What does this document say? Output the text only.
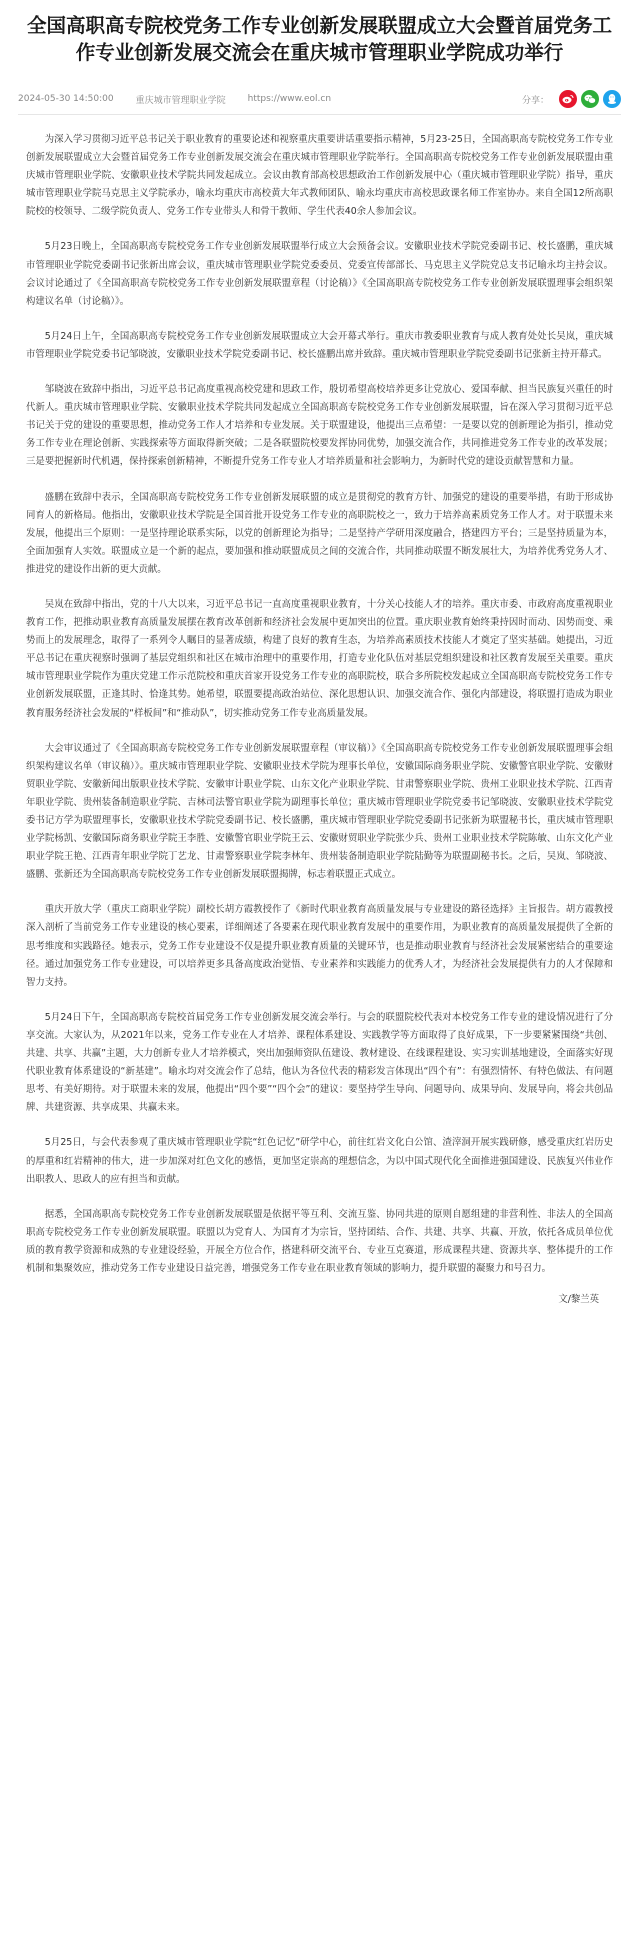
全国高职高专院校党务工作专业创新发展联盟成立大会暨首届党务工作专业创新发展交流会在重庆城市管理职业学院成功举行
2024-05-30 14:50:00 重庆城市管理职业学院 https://www.eol.cn	分享：

为深入学习贯彻习近平总书记关于职业教育的重要论述和视察重庆重要讲话重要指示精神，5月23-25日，全国高职高专院校党务工作专业创新发展联盟成立大会暨首届党务工作专业创新发展交流会在重庆城市管理职业学院举行。全国高职高专院校党务工作专业创新发展联盟由重庆城市管理职业学院、安徽职业技术学院共同发起成立。会议由教育部高校思想政治工作创新发展中心（重庆城市管理职业学院）指导，重庆城市管理职业学院马克思主义学院承办，喻永均重庆市高校黄大年式教师团队、喻永均重庆市高校思政课名师工作室协办。来自全国12所高职院校的校领导、二级学院负责人、党务工作专业带头人和骨干教师、学生代表40余人参加会议。

5月23日晚上，全国高职高专院校党务工作专业创新发展联盟举行成立大会预备会议。安徽职业技术学院党委副书记、校长盛鹏，重庆城市管理职业学院党委副书记张新出席会议，重庆城市管理职业学院党委委员、党委宣传部部长、马克思主义学院党总支书记喻永均主持会议。会议讨论通过了《全国高职高专院校党务工作专业创新发展联盟章程（讨论稿）》《全国高职高专院校党务工作专业创新发展联盟理事会组织架构建议名单（讨论稿）》。

5月24日上午，全国高职高专院校党务工作专业创新发展联盟成立大会开幕式举行。重庆市教委职业教育与成人教育处处长吴岚，重庆城市管理职业学院党委书记邹晓波，安徽职业技术学院党委副书记、校长盛鹏出席并致辞。重庆城市管理职业学院党委副书记张新主持开幕式。

邹晓波在致辞中指出，习近平总书记高度重视高校党建和思政工作，殷切希望高校培养更多让党放心、爱国奉献、担当民族复兴重任的时代新人。重庆城市管理职业学院、安徽职业技术学院共同发起成立全国高职高专院校党务工作专业创新发展联盟，旨在深入学习贯彻习近平总书记关于党的建设的重要思想，推动党务工作人才培养和专业发展。关于联盟建设，他提出三点希望：一是要以党的创新理论为指引，推动党务工作专业在理论创新、实践探索等方面取得新突破；二是各联盟院校要发挥协同优势，加强交流合作，共同推进党务工作专业的改革发展；三是要把握新时代机遇，保持探索创新精神，不断提升党务工作专业人才培养质量和社会影响力，为新时代党的建设贡献智慧和力量。

盛鹏在致辞中表示，全国高职高专院校党务工作专业创新发展联盟的成立是贯彻党的教育方针、加强党的建设的重要举措，有助于形成协同育人的新格局。他指出，安徽职业技术学院是全国首批开设党务工作专业的高职院校之一，致力于培养高素质党务工作人才。对于联盟未来发展，他提出三个原则：一是坚持理论联系实际，以党的创新理论为指导；二是坚持产学研用深度融合，搭建四方平台；三是坚持质量为本，全面加强育人实效。联盟成立是一个新的起点，要加强和推动联盟成员之间的交流合作，共同推动联盟不断发展壮大，为培养优秀党务人才、推进党的建设作出新的更大贡献。

吴岚在致辞中指出，党的十八大以来，习近平总书记一直高度重视职业教育，十分关心技能人才的培养。重庆市委、市政府高度重视职业教育工作，把推动职业教育高质量发展摆在教育改革创新和经济社会发展中更加突出的位置。重庆职业教育始终秉持因时而动、因势而变、乘势而上的发展理念，取得了一系列令人瞩目的显著成绩，构建了良好的教育生态，为培养高素质技术技能人才奠定了坚实基础。她提出，习近平总书记在重庆视察时强调了基层党组织和社区在城市治理中的重要作用，打造专业化队伍对基层党组织建设和社区教育发展至关重要。重庆城市管理职业学院作为重庆党建工作示范院校和重庆首家开设党务工作专业的高职院校，联合多所院校发起成立全国高职高专院校党务工作专业创新发展联盟，正逢其时、恰逢其势。她希望，联盟要提高政治站位、深化思想认识、加强交流合作、强化内部建设，将联盟打造成为职业教育服务经济社会发展的“样板间”和“推动队”，切实推动党务工作专业高质量发展。

大会审议通过了《全国高职高专院校党务工作专业创新发展联盟章程（审议稿）》《全国高职高专院校党务工作专业创新发展联盟理事会组织架构建议名单（审议稿）》。重庆城市管理职业学院、安徽职业技术学院为理事长单位，安徽国际商务职业学院、安徽警官职业学院、安徽财贸职业学院、安徽新闻出版职业技术学院、安徽审计职业学院、山东文化产业职业学院、甘肃警察职业学院、贵州工业职业技术学院、江西青年职业学院、贵州装备制造职业学院、吉林司法警官职业学院为副理事长单位；重庆城市管理职业学院党委书记邹晓波、安徽职业技术学院党委书记方学为联盟理事长，安徽职业技术学院党委副书记、校长盛鹏，重庆城市管理职业学院党委副书记张新为联盟秘书长，重庆城市管理职业学院杨凯、安徽国际商务职业学院王李胜、安徽警官职业学院王云、安徽财贸职业学院张少兵、贵州工业职业技术学院陈敏、山东文化产业职业学院王艳、江西青年职业学院丁艺龙、甘肃警察职业学院李林年、贵州装备制造职业学院陆勤等为联盟副秘书长。之后，吴岚、邹晓波、盛鹏、张新还为全国高职高专院校党务工作专业创新发展联盟揭牌，标志着联盟正式成立。

重庆开放大学（重庆工商职业学院）副校长胡方霞教授作了《新时代职业教育高质量发展与专业建设的路径选择》主旨报告。胡方霞教授深入剖析了当前党务工作专业建设的核心要素，详细阐述了各要素在现代职业教育发展中的重要作用，为职业教育的高质量发展提供了全新的思考维度和实践路径。她表示，党务工作专业建设不仅是提升职业教育质量的关键环节，也是推动职业教育与经济社会发展紧密结合的重要途径。通过加强党务工作专业建设，可以培养更多具备高度政治觉悟、专业素养和实践能力的优秀人才，为经济社会发展提供有力的人才保障和智力支持。

5月24日下午，全国高职高专院校首届党务工作专业创新发展交流会举行。与会的联盟院校代表对本校党务工作专业的建设情况进行了分享交流。大家认为，从2021年以来，党务工作专业在人才培养、课程体系建设、实践教学等方面取得了良好成果，下一步要紧紧围绕“共创、共建、共享、共赢”主题，大力创新专业人才培养模式，突出加强师资队伍建设、教材建设、在线课程建设、实习实训基地建设，全面落实好现代职业教育体系建设的“新基建”。喻永均对交流会作了总结，他认为各位代表的精彩发言体现出“四个有”：有强烈情怀、有特色做法、有问题思考、有美好期待。对于联盟未来的发展，他提出“四个要”“四个会”的建议：要坚持学生导向、问题导向、成果导向、发展导向，将会共创品牌、共建资源、共享成果、共赢未来。

5月25日，与会代表参观了重庆城市管理职业学院“红色记忆”研学中心，前往红岩文化白公馆、渣滓洞开展实践研修，感受重庆红岩历史的厚重和红岩精神的伟大，进一步加深对红色文化的感悟，更加坚定崇高的理想信念，为以中国式现代化全面推进强国建设、民族复兴伟业作出职教人、思政人的应有担当和贡献。

据悉，全国高职高专院校党务工作专业创新发展联盟是依据平等互利、交流互鉴、协同共进的原则自愿组建的非营利性、非法人的全国高职高专院校党务工作专业创新发展联盟。联盟以为党育人、为国育才为宗旨，坚持团结、合作、共建、共享、共赢、开放，依托各成员单位优质的教育教学资源和成熟的专业建设经验，开展全方位合作，搭建科研交流平台、专业互克赛道，形成课程共建、资源共享、整体提升的工作机制和集聚效应，推动党务工作专业建设日益完善，增强党务工作专业在职业教育领域的影响力，提升联盟的凝聚力和号召力。

文/黎兰英
